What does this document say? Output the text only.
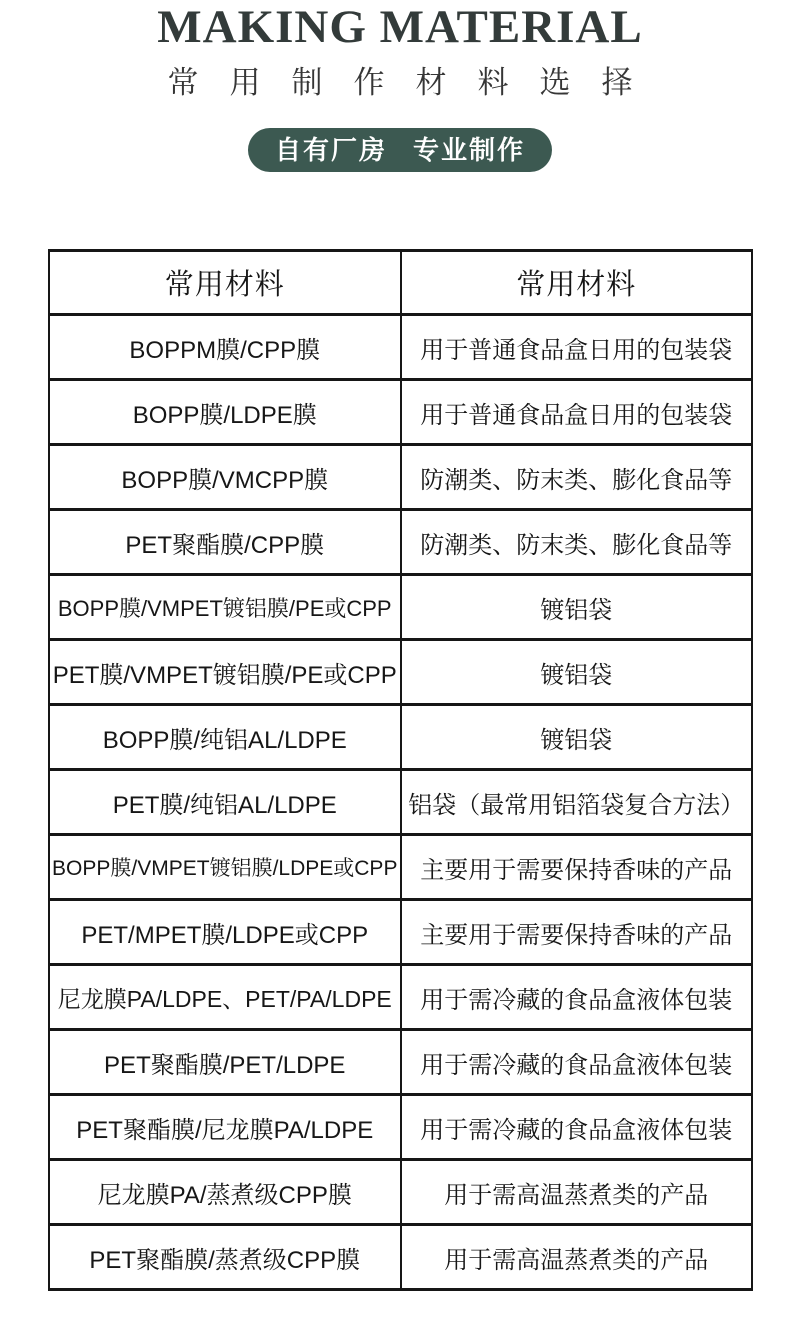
MAKING MATERIAL
常用制作材料选择
自有厂房 专业制作
常用材料	常用材料
BOPPM膜/CPP膜	用于普通食品盒日用的包装袋
BOPP膜/LDPE膜	用于普通食品盒日用的包装袋
BOPP膜/VMCPP膜	防潮类、防末类、膨化食品等
PET聚酯膜/CPP膜	防潮类、防末类、膨化食品等
BOPP膜/VMPET镀铝膜/PE或CPP	镀铝袋
PET膜/VMPET镀铝膜/PE或CPP	镀铝袋
BOPP膜/纯铝AL/LDPE	镀铝袋
PET膜/纯铝AL/LDPE	铝袋（最常用铝箔袋复合方法）
BOPP膜/VMPET镀铝膜/LDPE或CPP	主要用于需要保持香味的产品
PET/MPET膜/LDPE或CPP	主要用于需要保持香味的产品
尼龙膜PA/LDPE、PET/PA/LDPE	用于需冷藏的食品盒液体包装
PET聚酯膜/PET/LDPE	用于需冷藏的食品盒液体包装
PET聚酯膜/尼龙膜PA/LDPE	用于需冷藏的食品盒液体包装
尼龙膜PA/蒸煮级CPP膜	用于需高温蒸煮类的产品
PET聚酯膜/蒸煮级CPP膜	用于需高温蒸煮类的产品
